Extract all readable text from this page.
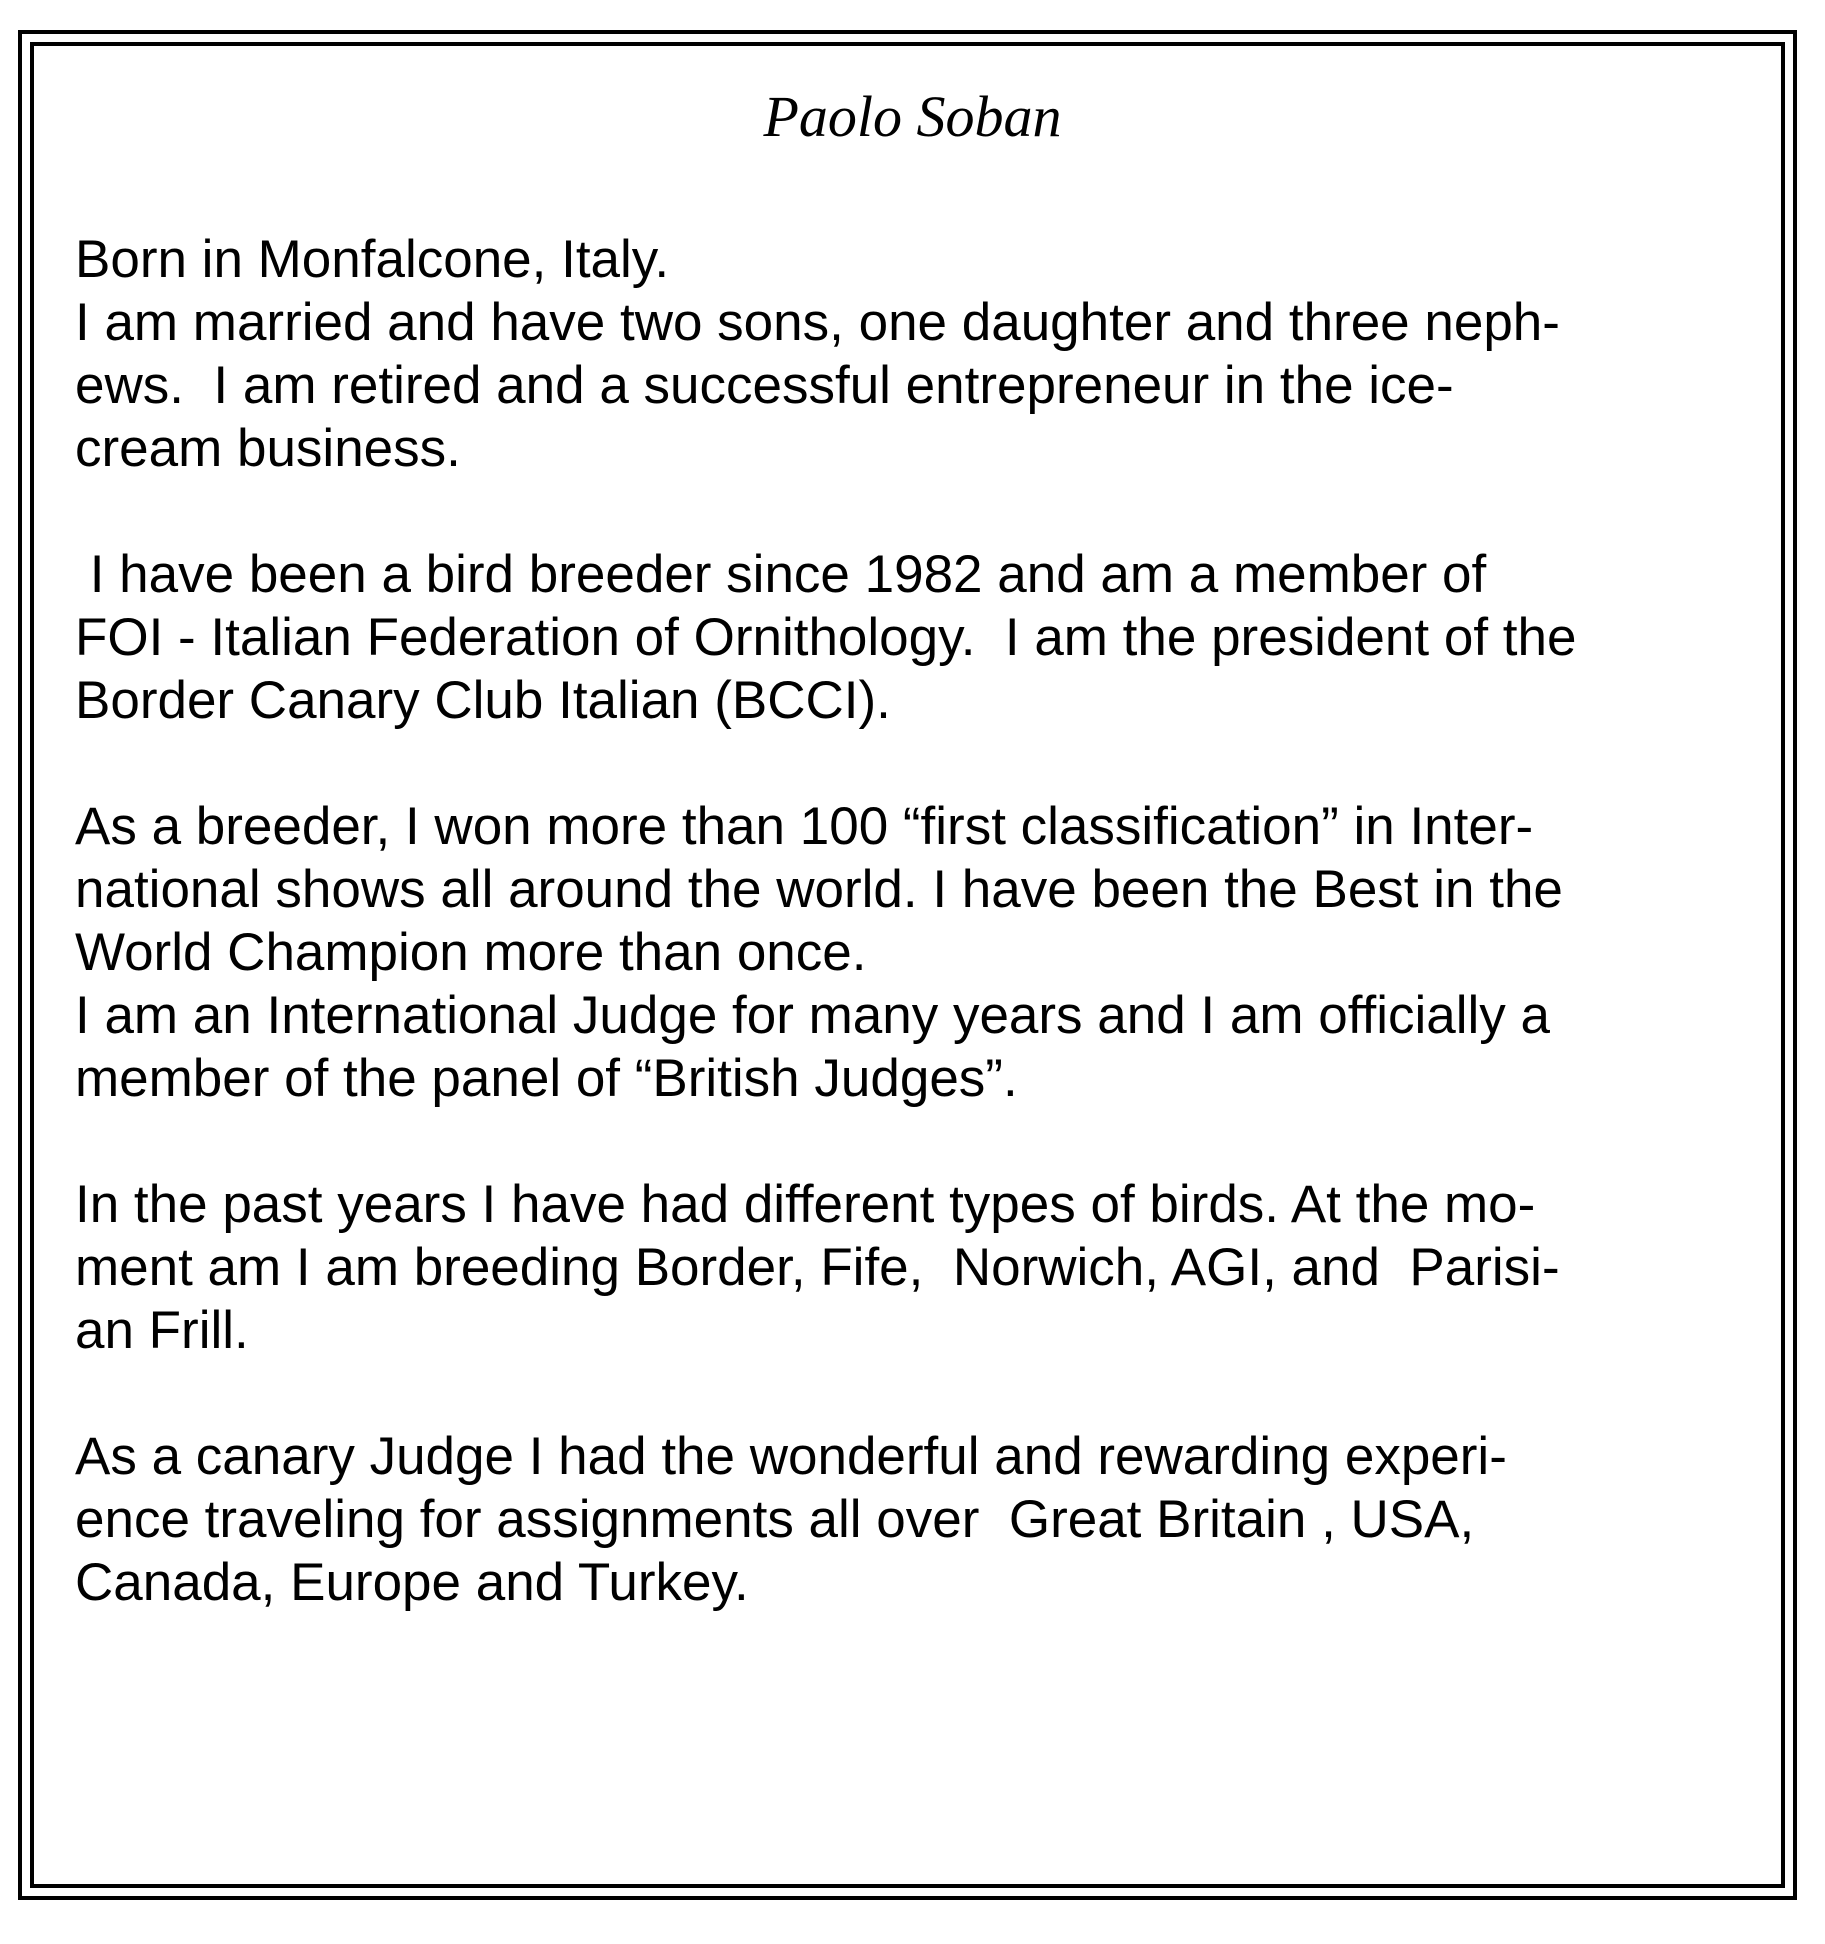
Paolo Soban
Born in Monfalcone, Italy.
I am married and have two sons, one daughter and three neph-
ews.  I am retired and a successful entrepreneur in the ice-
cream business.
I have been a bird breeder since 1982 and am a member of
FOI - Italian Federation of Ornithology.  I am the president of the
Border Canary Club Italian (BCCI).
As a breeder, I won more than 100 “first classification” in Inter-
national shows all around the world. I have been the Best in the
World Champion more than once.
I am an International Judge for many years and I am officially a
member of the panel of “British Judges”.
In the past years I have had different types of birds. At the mo-
ment am I am breeding Border, Fife,  Norwich, AGI, and  Parisi-
an Frill.
As a canary Judge I had the wonderful and rewarding experi-
ence traveling for assignments all over  Great Britain , USA,
Canada, Europe and Turkey.
